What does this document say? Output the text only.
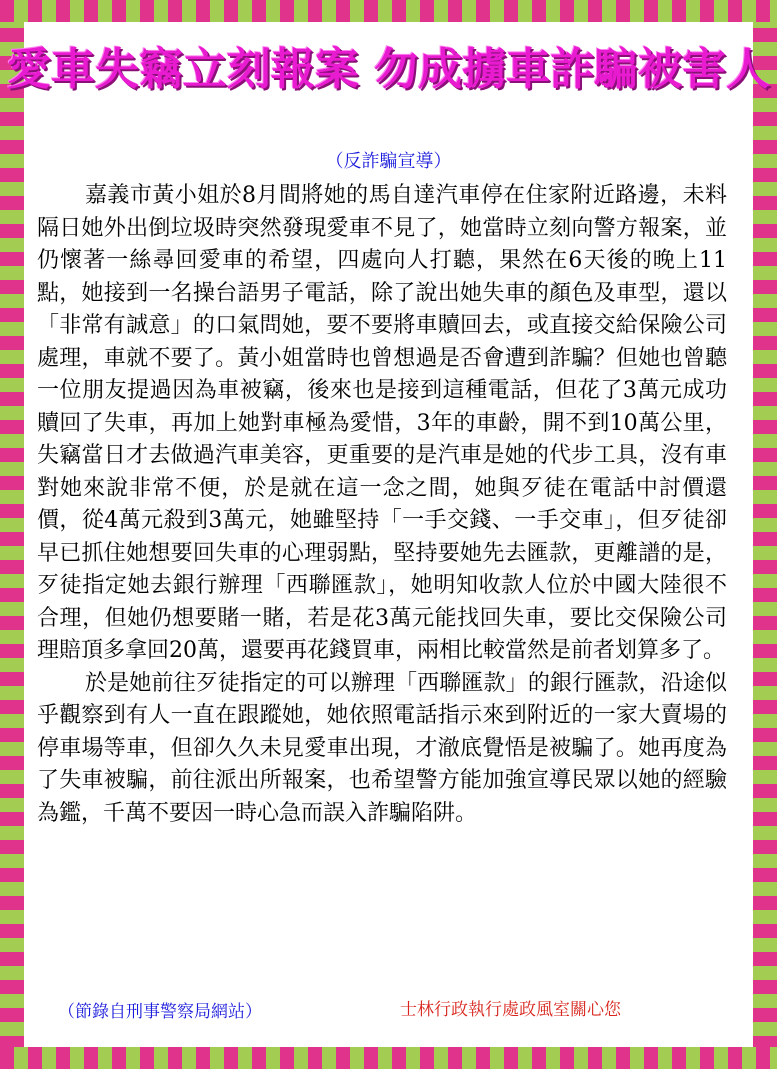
愛車失竊立刻報案 勿成擄車詐騙被害人
（反詐騙宣導）

嘉義市黃小姐於8月間將她的馬自達汽車停在住家附近路邊，未料隔日她外出倒垃圾時突然發現愛車不見了，她當時立刻向警方報案，並仍懷著一絲尋回愛車的希望，四處向人打聽，果然在6天後的晚上11點，她接到一名操台語男子電話，除了說出她失車的顏色及車型，還以「非常有誠意」的口氣問她，要不要將車贖回去，或直接交給保險公司處理，車就不要了。黃小姐當時也曾想過是否會遭到詐騙？但她也曾聽一位朋友提過因為車被竊，後來也是接到這種電話，但花了3萬元成功贖回了失車，再加上她對車極為愛惜，3年的車齡，開不到10萬公里，失竊當日才去做過汽車美容，更重要的是汽車是她的代步工具，沒有車對她來說非常不便，於是就在這一念之間，她與歹徒在電話中討價還價，從4萬元殺到3萬元，她雖堅持「一手交錢、一手交車」，但歹徒卻早已抓住她想要回失車的心理弱點，堅持要她先去匯款，更離譜的是，歹徒指定她去銀行辦理「西聯匯款」，她明知收款人位於中國大陸很不合理，但她仍想要賭一賭，若是花3萬元能找回失車，要比交保險公司理賠頂多拿回20萬，還要再花錢買車，兩相比較當然是前者划算多了。

於是她前往歹徒指定的可以辦理「西聯匯款」的銀行匯款，沿途似乎觀察到有人一直在跟蹤她，她依照電話指示來到附近的一家大賣場的停車場等車，但卻久久未見愛車出現，才澈底覺悟是被騙了。她再度為了失車被騙，前往派出所報案，也希望警方能加強宣導民眾以她的經驗為鑑，千萬不要因一時心急而誤入詐騙陷阱。

（節錄自刑事警察局網站）	士林行政執行處政風室關心您
